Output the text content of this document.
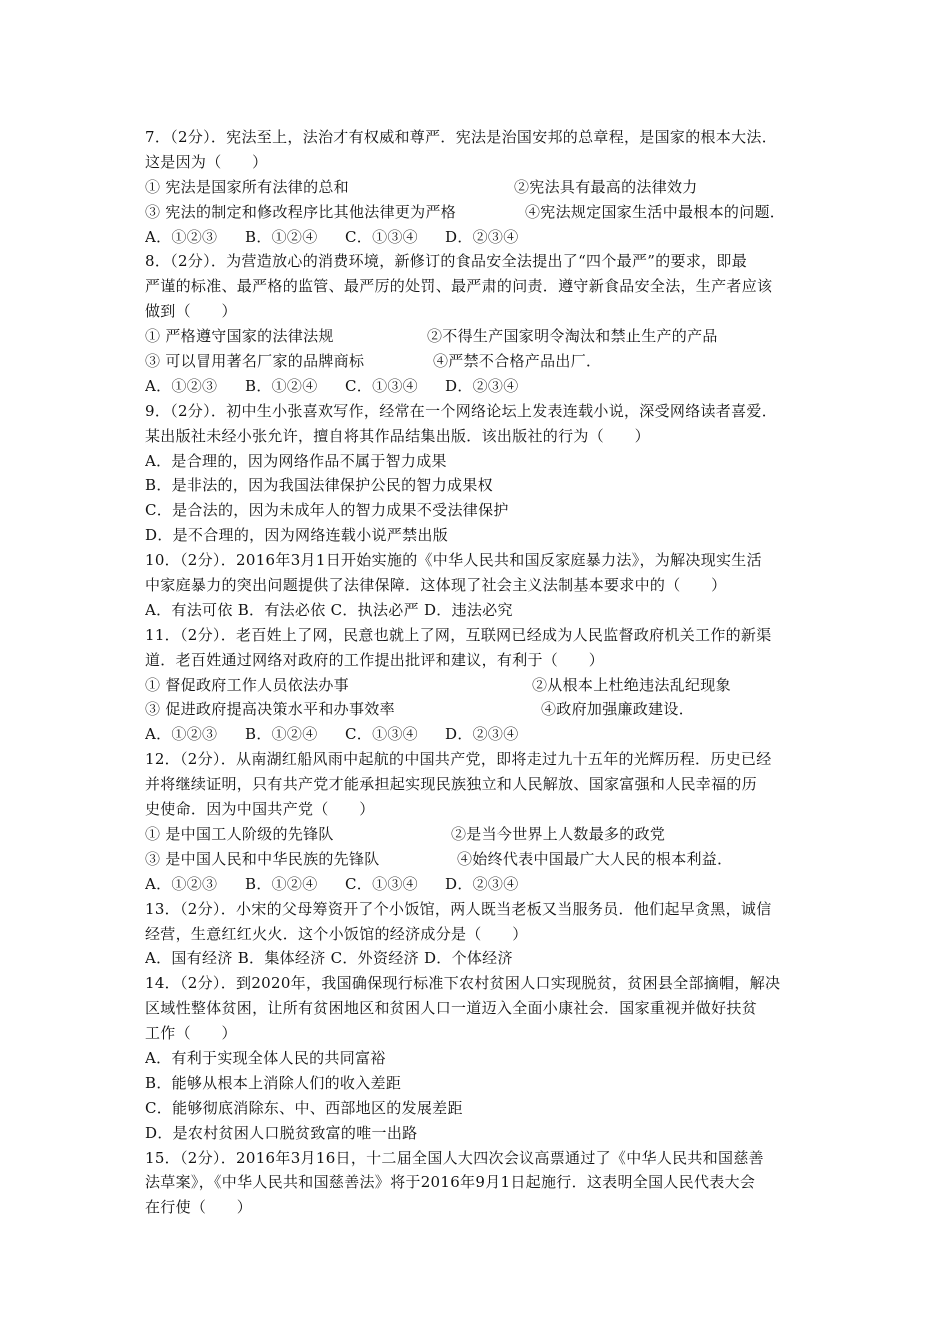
7．（2分）．宪法至上，法治才有权威和尊严．宪法是治国安邦的总章程，是国家的根本大法．
这是因为（　　）
① 宪法是国家所有法律的总和	②宪法具有最高的法律效力
③ 宪法的制定和修改程序比其他法律更为严格	④宪法规定国家生活中最根本的问题．
A．①②③ B．①②④ C．①③④ D．②③④
8．（2分）．为营造放心的消费环境，新修订的食品安全法提出了“四个最严”的要求，即最
严谨的标准、最严格的监管、最严厉的处罚、最严肃的问责．遵守新食品安全法，生产者应该
做到（　　）
① 严格遵守国家的法律法规	②不得生产国家明令淘汰和禁止生产的产品
③ 可以冒用著名厂家的品牌商标	④严禁不合格产品出厂．
A．①②③ B．①②④ C．①③④ D．②③④
9．（2分）．初中生小张喜欢写作，经常在一个网络论坛上发表连载小说，深受网络读者喜爱．
某出版社未经小张允许，擅自将其作品结集出版．该出版社的行为（　　）
A．是合理的，因为网络作品不属于智力成果
B．是非法的，因为我国法律保护公民的智力成果权
C．是合法的，因为未成年人的智力成果不受法律保护
D．是不合理的，因为网络连载小说严禁出版
10．（2分）．2016年3月1日开始实施的《中华人民共和国反家庭暴力法》，为解决现实生活
中家庭暴力的突出问题提供了法律保障．这体现了社会主义法制基本要求中的（　　）
A．有法可依 B．有法必依 C．执法必严 D．违法必究
11．（2分）．老百姓上了网，民意也就上了网，互联网已经成为人民监督政府机关工作的新渠
道．老百姓通过网络对政府的工作提出批评和建议，有利于（　　）
① 督促政府工作人员依法办事	②从根本上杜绝违法乱纪现象
③ 促进政府提高决策水平和办事效率	④政府加强廉政建设．
A．①②③ B．①②④ C．①③④ D．②③④
12．（2分）．从南湖红船风雨中起航的中国共产党，即将走过九十五年的光辉历程．历史已经
并将继续证明，只有共产党才能承担起实现民族独立和人民解放、国家富强和人民幸福的历
史使命．因为中国共产党（　　）
① 是中国工人阶级的先锋队	②是当今世界上人数最多的政党
③ 是中国人民和中华民族的先锋队	④始终代表中国最广大人民的根本利益．
A．①②③ B．①②④ C．①③④ D．②③④
13．（2分）．小宋的父母筹资开了个小饭馆，两人既当老板又当服务员．他们起早贪黑，诚信
经营，生意红红火火．这个小饭馆的经济成分是（　　）
A．国有经济 B．集体经济 C．外资经济 D．个体经济
14．（2分）．到2020年，我国确保现行标准下农村贫困人口实现脱贫，贫困县全部摘帽，解决
区域性整体贫困，让所有贫困地区和贫困人口一道迈入全面小康社会．国家重视并做好扶贫
工作（　　）
A．有利于实现全体人民的共同富裕
B．能够从根本上消除人们的收入差距
C．能够彻底消除东、中、西部地区的发展差距
D．是农村贫困人口脱贫致富的唯一出路
15．（2分）．2016年3月16日，十二届全国人大四次会议高票通过了《中华人民共和国慈善
法草案》，《中华人民共和国慈善法》将于2016年9月1日起施行．这表明全国人民代表大会
在行使（　　）
